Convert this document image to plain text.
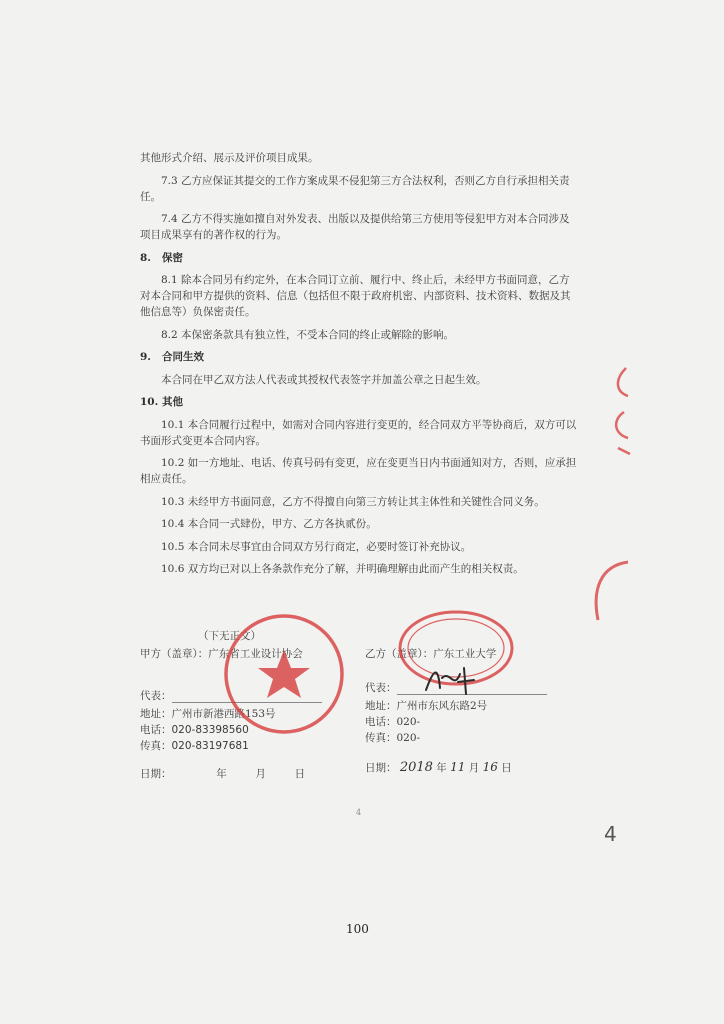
其他形式介绍、展示及评价项目成果。

7.3 乙方应保证其提交的工作方案成果不侵犯第三方合法权利，否则乙方自行承担相关责任。

7.4 乙方不得实施如擅自对外发表、出版以及提供给第三方使用等侵犯甲方对本合同涉及项目成果享有的著作权的行为。

8. 保密

8.1 除本合同另有约定外，在本合同订立前、履行中、终止后，未经甲方书面同意，乙方对本合同和甲方提供的资料、信息（包括但不限于政府机密、内部资料、技术资料、数据及其他信息等）负保密责任。

8.2 本保密条款具有独立性，不受本合同的终止或解除的影响。

9. 合同生效

本合同在甲乙双方法人代表或其授权代表签字并加盖公章之日起生效。

10. 其他

10.1 本合同履行过程中，如需对合同内容进行变更的，经合同双方平等协商后，双方可以书面形式变更本合同内容。

10.2 如一方地址、电话、传真号码有变更，应在变更当日内书面通知对方，否则，应承担相应责任。

10.3 未经甲方书面同意，乙方不得擅自向第三方转让其主体性和关键性合同义务。

10.4 本合同一式肆份，甲方、乙方各执贰份。

10.5 本合同未尽事宜由合同双方另行商定，必要时签订补充协议。

10.6 双方均已对以上各条款作充分了解，并明确理解由此而产生的相关权责。

（下无正文）
甲方（盖章）：广东省工业设计协会
代表：
地址：广州市新港西路153号
电话：020-83398560
传真：020-83197681
日期：	年	月	日
乙方（盖章）：广东工业大学
代表：
地址：广州市东风东路2号
电话：020-
传真：020-
日期： 2018 年 11 月 16 日
4
4
100
